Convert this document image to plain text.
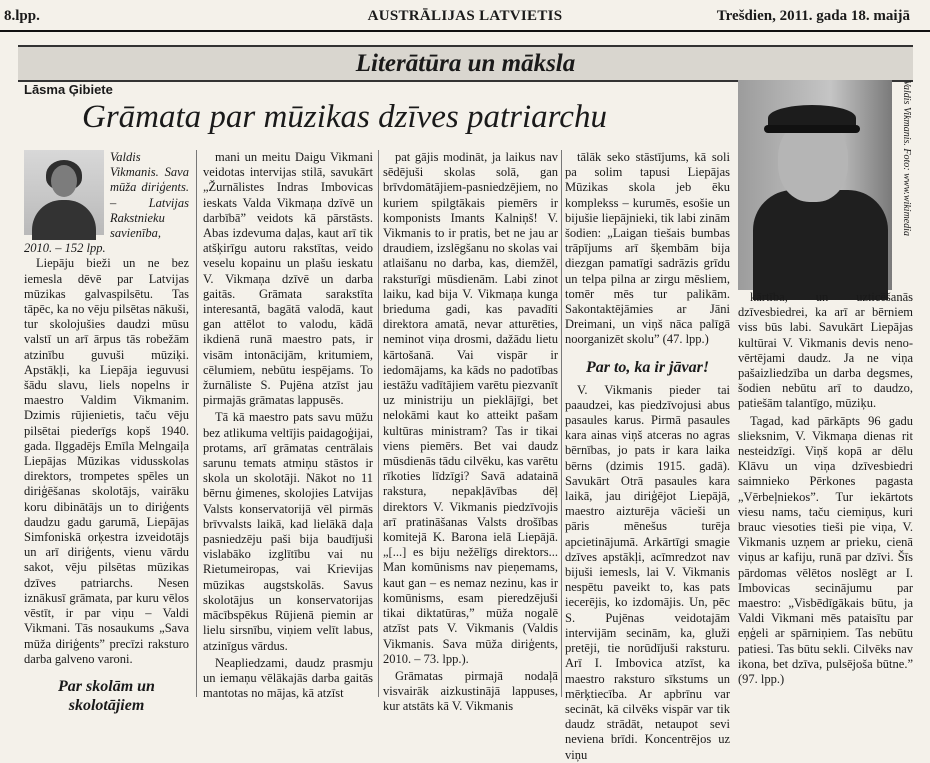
8.lpp.	AUSTRĀLIJAS LATVIETIS	Trešdien, 2011. gada 18. maijā
Literātūra un māksla
Lāsma Ģibiete
Grāmata par mūzikas dzīves patriarchu
Valdis Vikmanis. Sava mūža diriģents. – Latvijas Rakstnieku savienība, 2010. – 152 lpp.

Liepāju bieži un ne bez iemesla dēvē par Latvijas mūzikas galvaspilsētu. Tas tāpēc, ka no vēju pilsētas nākuši, tur skolojušies daudzi mūsu valstī un arī ārpus tās robežām atzinību guvuši mūziķi. Apstākļi, ka Liepāja ieguvusi šādu slavu, liels nopelns ir maestro Valdim Vikmanim. Dzimis rūjienietis, taču vēju pilsētai piederīgs kopš 1940. gada. Ilggadējs Emīla Melngaiļa Liepājas Mūzikas vidusskolas direktors, trompetes spēles un diriģēšanas skolotājs, vairāku koru dibinātājs un to diriģents daudzu gadu garumā, Liepājas Simfoniskā orķestra izveidotājs un arī diriģents, vienu vārdu sakot, vēju pilsētas mūzikas dzīves patriarchs. Nesen iznākusī grāmata, par kuru vēlos vēstīt, ir par viņu – Valdi Vikmani. Tās nosaukums „Sava mūža diriģents” precīzi raksturo darba galveno varoni.

Par skolām un skolotājiem

mani un meitu Daigu Vikmani veidotas intervijas stilā, savukārt „Žurnālistes Indras Imbovicas ieskats Valda Vikmaņa dzīvē un darbībā” veidots kā pārstāsts. Abas izdevuma daļas, kaut arī tik atšķirīgu autoru rakstītas, veido veselu kopainu un plašu ieskatu V. Vikmaņa dzīvē un darba gaitās. Grāmata sarakstīta interesantā, bagātā valodā, kaut gan attēlot to valodu, kādā ikdienā runā maestro pats, ir visām intonācijām, kritumiem, cēlumiem, nebūtu iespējams. To žurnāliste S. Pujēna atzīst jau pirmajās grāmatas lappusēs.

Tā kā maestro pats savu mūžu bez atlikuma veltījis paidagoģijai, protams, arī grāmatas centrālais sarunu temats atmiņu stāstos ir skola un skolotāji. Nākot no 11 bērnu ģimenes, skolojies Latvijas Valsts konservatorijā vēl pirmās brīvvalsts laikā, kad lielākā daļa pasniedzēju paši bija baudījuši vislabāko izglītību vai nu Rietumeiropas, vai Krievijas mūzikas augstskolās. Savus skolotājus un konservatorijas mācībspēkus Rūjienā piemin ar lielu sirsnību, viņiem velīt labus, atzinīgus vārdus.

Neapliedzami, daudz prasmju un iemaņu vēlākajās darba gaitās mantotas no mājas, kā atzīst

pat gājis modināt, ja laikus nav sēdējuši skolas solā, gan brīvdomātājiem-pasniedzējiem, no kuriem spilgtākais piemērs ir komponists Imants Kalniņš! V. Vikmanis to ir pratis, bet ne jau ar draudiem, izslēgšanu no skolas vai atlaišanu no darba, kas, diemžēl, raksturīgi mūsdienām. Labi zinot laiku, kad bija V. Vikmaņa kunga brieduma gadi, kas pavadīti direktora amatā, nevar atturēties, neminot viņa drosmi, dažādu lietu kārtošanā. Vai vispār ir iedomājams, ka kāds no padotības iestāžu vadītājiem varētu piezvanīt uz ministriju un pieklājīgi, bet nelokāmi kaut ko atteikt pašam kultūras ministram? Tas ir tikai viens piemērs. Bet vai daudz mūsdienās tādu cilvēku, kas varētu rīkoties līdzīgi? Savā adatainā rakstura, nepakļāvības dēļ direktors V. Vikmanis piedzīvojis arī pratināšanas Valsts drošības komitejā K. Barona ielā Liepājā. „[...] es biju nežēlīgs direktors... Man komūnisms nav pieņemams, kaut gan – es nemaz nezinu, kas ir komūnisms, esam pieredzējuši tikai diktatūras,” mūža nogalē atzīst pats V. Vikmanis (Valdis Vikmanis. Sava mūža diriģents, 2010. – 73. lpp.).

Grāmatas pirmajā nodaļā visvairāk aizkustinājā lappuses, kur atstāts kā V. Vikmanis

tālāk seko stāstījums, kā soli pa solim tapusi Liepājas Mūzikas skola jeb ēku komplekss – kurumēs, esošie un bijušie liepājnieki, tik labi zinām šodien: „Laigan tiešais bumbas trāpījums arī šķembām bija diezgan pamatīgi sadrāzis grīdu un telpa pilna ar zirgu mēsliem, tomēr mēs tur palikām. Sakontaktējāmies ar Jāni Dreimani, un viņš nāca palīgā noorganizēt skolu” (47. lpp.)

Par to, ka ir jāvar!

V. Vikmanis pieder tai paaudzei, kas piedzīvojusi abus pasaules karus. Pirmā pasaules kara ainas viņš atceras no agras bērnības, jo pats ir kara laika bērns (dzimis 1915. gadā). Savukārt Otrā pasaules kara laikā, jau diriģējot Liepājā, maestro aizturēja vācieši un pāris mēnešus turēja apcietinājumā. Arkārtīgi smagie dzīves apstākļi, acīmredzot nav bijuši iemesls, lai V. Vikmanis nespētu paveikt to, kas pats iecerējis, ko izdomājis. Un, pēc S. Pujēnas veidotajām intervijām secinām, ka, gluži pretēji, tie norūdījuši raksturu. Arī I. Imbovica atzīst, ka maestro raksturo sīkstums un mērķtiecība. Ar apbrīnu var secināt, kā cilvēks vispār var tik daudz strādāt, netaupot sevi neviena brīdi. Koncentrējos uz viņu

Valdis Vikmanis. Foto: www.wikimedia

kārtība, un uzticēšanās dzīvesbiedrei, ka arī ar bērniem viss būs labi. Savukārt Liepājas kultūrai V. Vikmanis devis nenovērtējami daudz. Ja ne viņa pašaizliedzība un darba degsmes, šodien nebūtu arī to daudzo, patiešām talantīgo, mūziķu.

Tagad, kad pārkāpts 96 gadu slieksnim, V. Vikmaņa dienas rit nesteidzīgi. Viņš kopā ar dēlu Klāvu un viņa dzīvesbiedri saimnieko Pērkones pagasta „Vērbeļniekos”. Tur iekārtots viesu nams, taču ciemiņus, kuri brauc viesoties tieši pie viņa, V. Vikmanis uzņem ar prieku, cienā viņus ar kafiju, runā par dzīvi. Šīs pārdomas vēlētos noslēgt ar I. Imbovicas secinājumu par maestro: „Visbēdīgākais būtu, ja Valdi Vikmani mēs pataisītu par eņģeli ar spārniņiem. Tas nebūtu patiesi. Tas būtu sekli. Cilvēks nav ikona, bet dzīva, pulsējoša būtne.” (97. lpp.)
